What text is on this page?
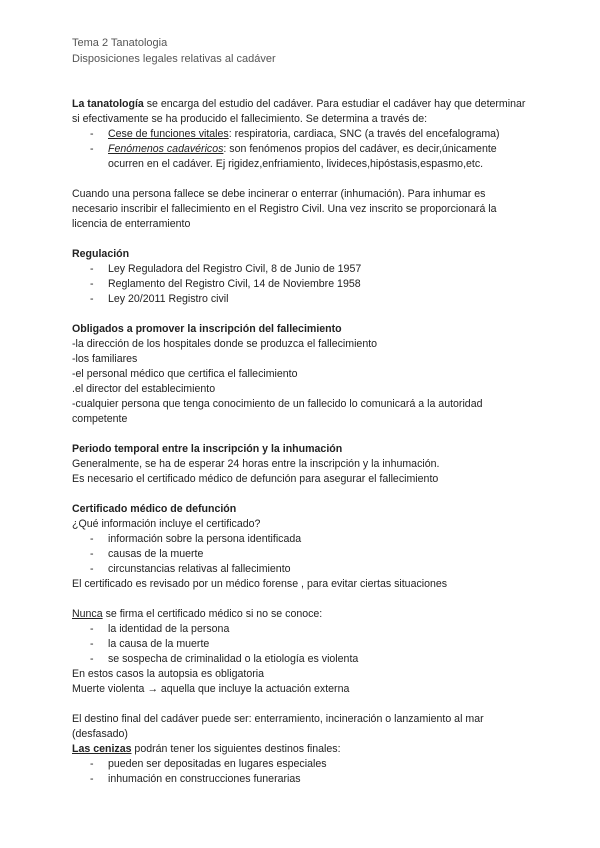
Tema 2 Tanatologia
Disposiciones legales relativas al cadáver

La tanatología se encarga del estudio del cadáver. Para estudiar el cadáver hay que determinar si efectivamente se ha producido el fallecimiento. Se determina a través de:

- Cese de funciones vitales: respiratoria, cardiaca, SNC (a través del encefalograma)
- Fenómenos cadavéricos: son fenómenos propios del cadáver, es decir,únicamente ocurren en el cadáver. Ej rigidez,enfriamiento, livideces,hipóstasis,espasmo,etc.

Cuando una persona fallece se debe incinerar o enterrar (inhumación). Para inhumar es necesario inscribir el fallecimiento en el Registro Civil. Una vez inscrito se proporcionará la licencia de enterramiento

Regulación

- Ley Reguladora del Registro Civil, 8 de Junio de 1957
- Reglamento del Registro Civil, 14 de Noviembre 1958
- Ley 20/2011 Registro civil

Obligados a promover la inscripción del fallecimiento

-la dirección de los hospitales donde se produzca el fallecimiento

-los familiares

-el personal médico que certifica el fallecimiento

.el director del establecimiento

-cualquier persona que tenga conocimiento de un fallecido lo comunicará a la autoridad competente

Periodo temporal entre la inscripción y la inhumación

Generalmente, se ha de esperar 24 horas entre la inscripción y la inhumación.

Es necesario el certificado médico de defunción para asegurar el fallecimiento

Certificado médico de defunción

¿Qué información incluye el certificado?

- información sobre la persona identificada
- causas de la muerte
- circunstancias relativas al fallecimiento

El certificado es revisado por un médico forense , para evitar ciertas situaciones

Nunca se firma el certificado médico si no se conoce:

- la identidad de la persona
- la causa de la muerte
- se sospecha de criminalidad o la etiología es violenta

En estos casos la autopsia es obligatoria

Muerte violenta → aquella que incluye la actuación externa

El destino final del cadáver puede ser: enterramiento, incineración o lanzamiento al mar (desfasado)

Las cenizas podrán tener los siguientes destinos finales:

- pueden ser depositadas en lugares especiales
- inhumación en construcciones funerarias
